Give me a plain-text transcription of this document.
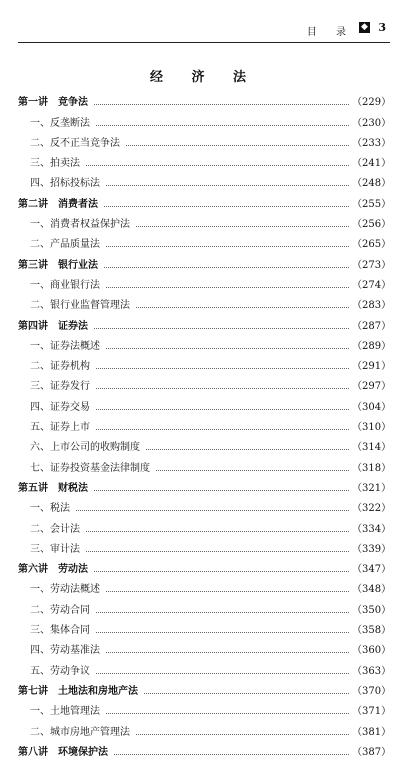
目 录 ◆ 3
经 济 法
第一讲　竞争法	（229）
一、反垄断法	（230）
二、反不正当竞争法	（233）
三、拍卖法	（241）
四、招标投标法	（248）
第二讲　消费者法	（255）
一、消费者权益保护法	（256）
二、产品质量法	（265）
第三讲　银行业法	（273）
一、商业银行法	（274）
二、银行业监督管理法	（283）
第四讲　证券法	（287）
一、证券法概述	（289）
二、证券机构	（291）
三、证券发行	（297）
四、证券交易	（304）
五、证券上市	（310）
六、上市公司的收购制度	（314）
七、证券投资基金法律制度	（318）
第五讲　财税法	（321）
一、税法	（322）
二、会计法	（334）
三、审计法	（339）
第六讲　劳动法	（347）
一、劳动法概述	（348）
二、劳动合同	（350）
三、集体合同	（358）
四、劳动基准法	（360）
五、劳动争议	（363）
第七讲　土地法和房地产法	（370）
一、土地管理法	（371）
二、城市房地产管理法	（381）
第八讲　环境保护法	（387）
